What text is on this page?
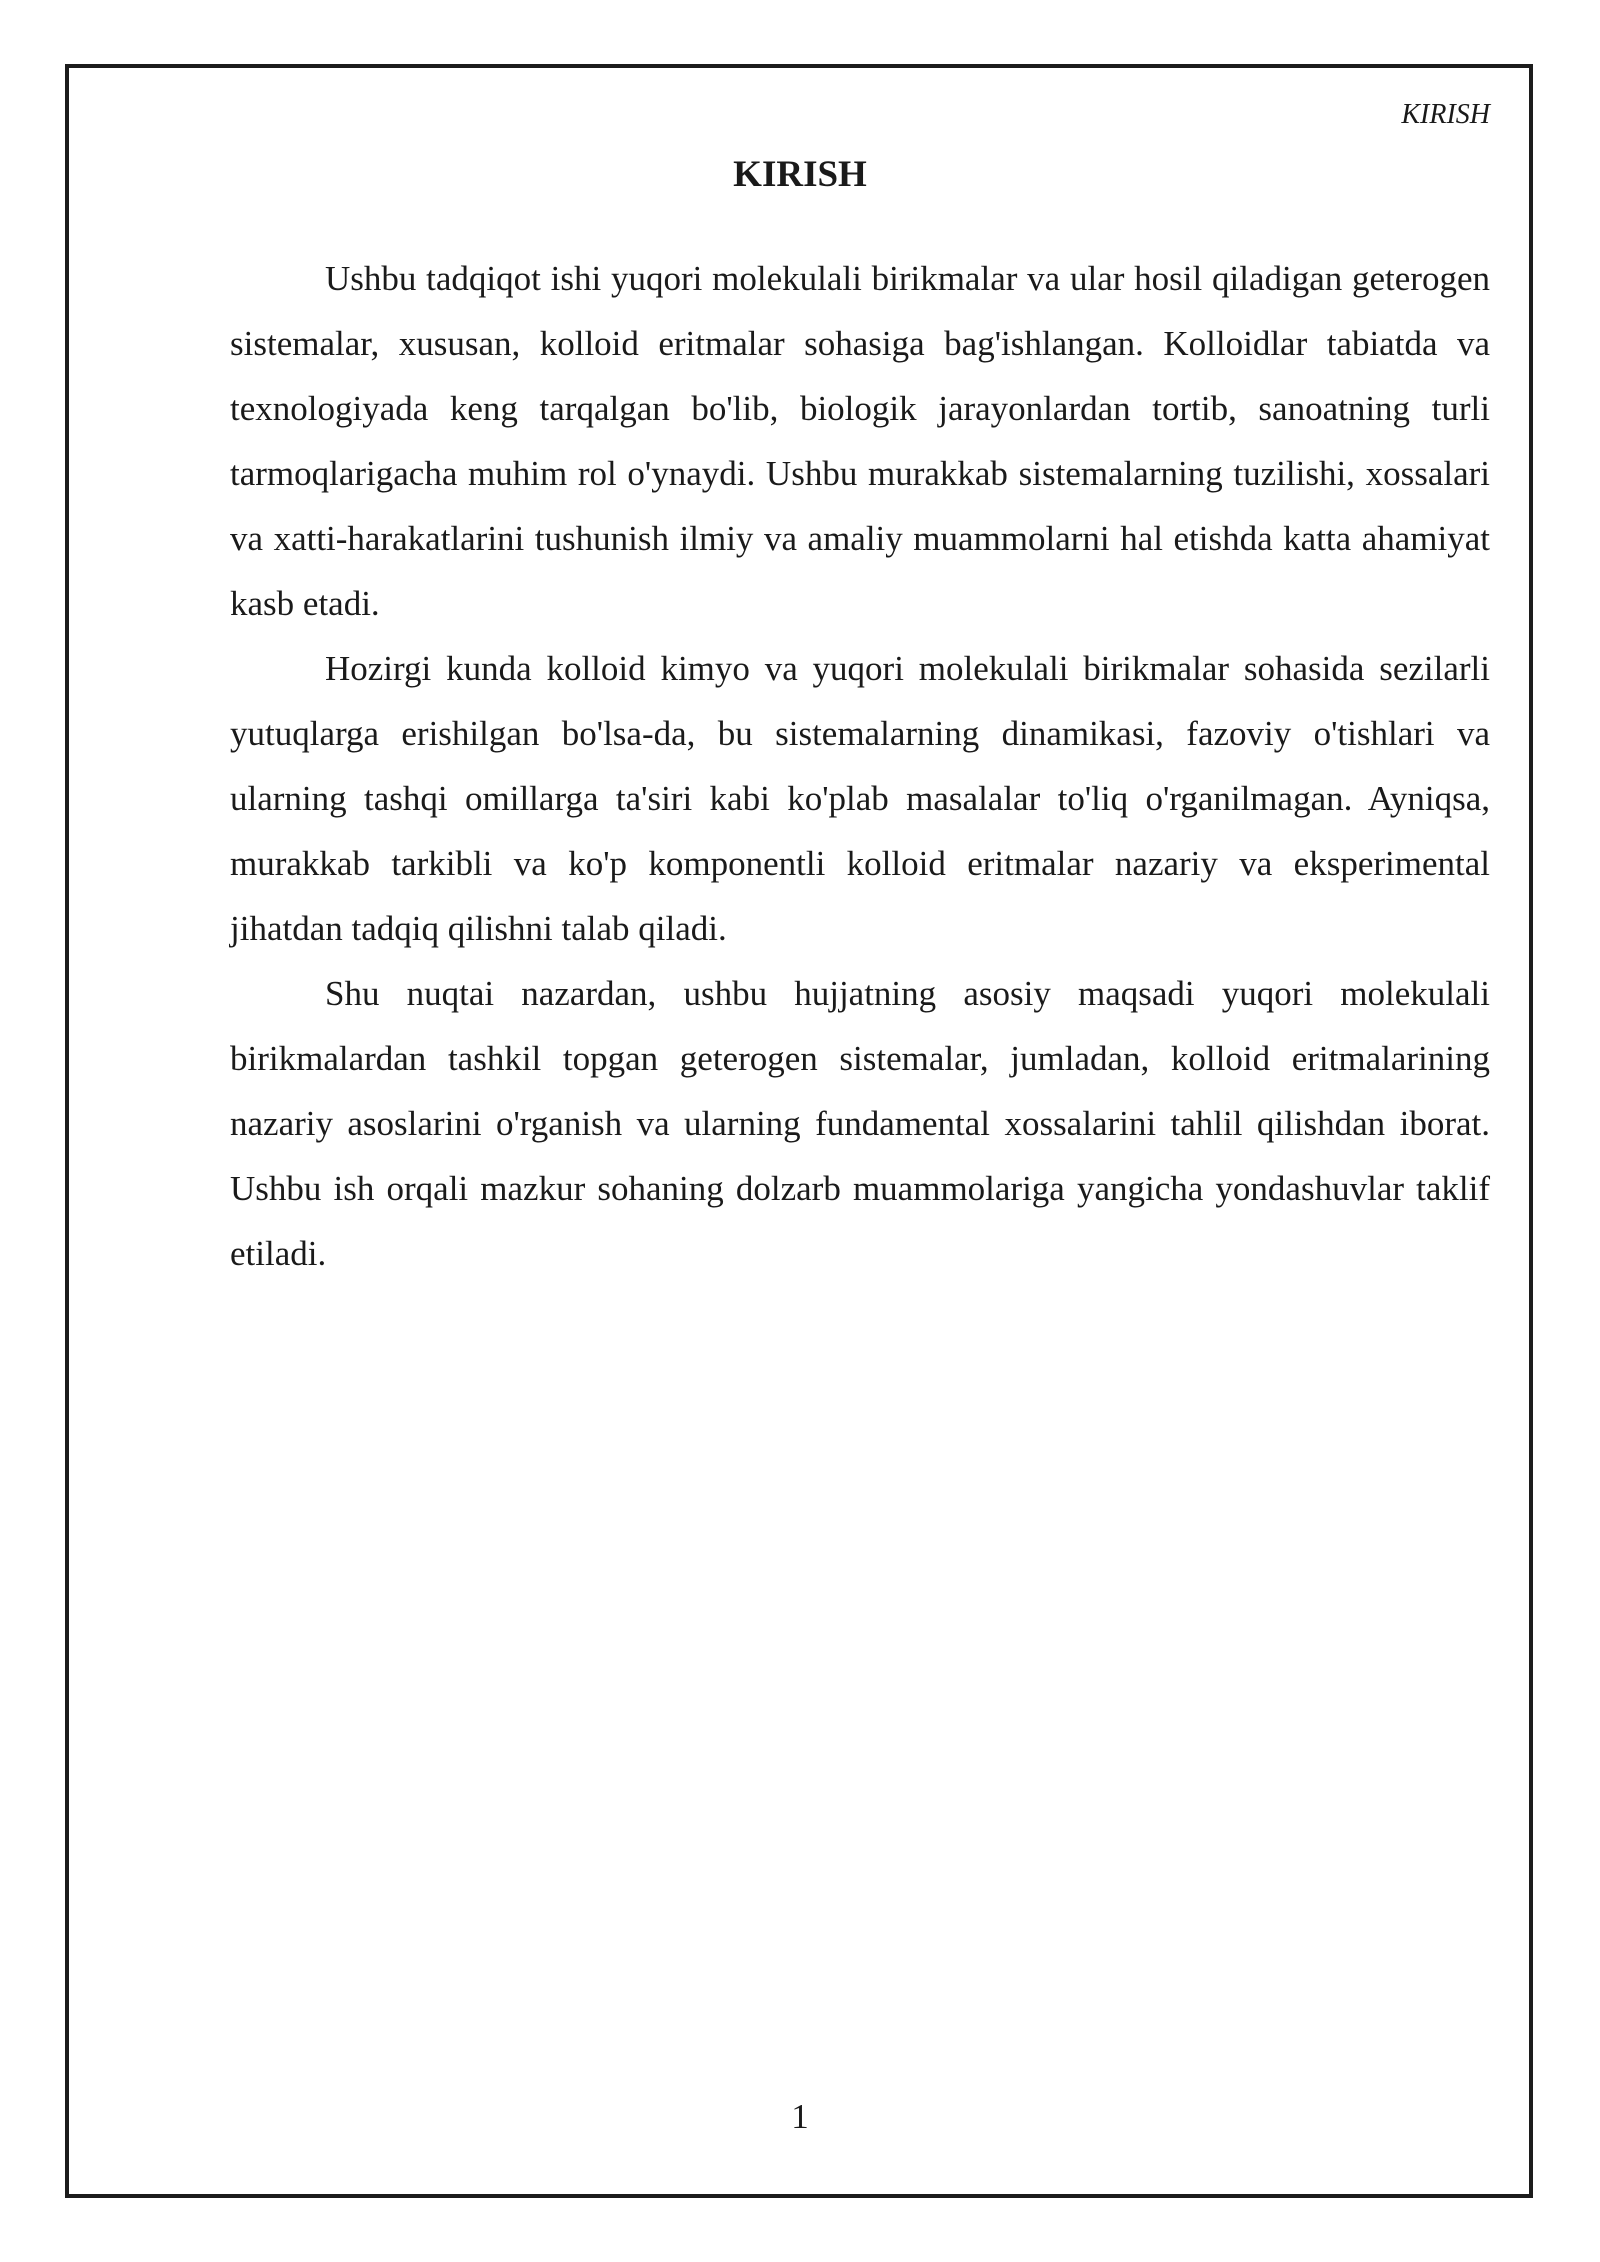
KIRISH
KIRISH

Ushbu tadqiqot ishi yuqori molekulali birikmalar va ular hosil qiladigan geterogen sistemalar, xususan, kolloid eritmalar sohasiga bag'ishlangan. Kolloidlar tabiatda va texnologiyada keng tarqalgan bo'lib, biologik jarayonlardan tortib, sanoatning turli tarmoqlarigacha muhim rol o'ynaydi. Ushbu murakkab sistemalarning tuzilishi, xossalari va xatti-harakatlarini tushunish ilmiy va amaliy muammolarni hal etishda katta ahamiyat kasb etadi.

Hozirgi kunda kolloid kimyo va yuqori molekulali birikmalar sohasida sezilarli yutuqlarga erishilgan bo'lsa-da, bu sistemalarning dinamikasi, fazoviy o'tishlari va ularning tashqi omillarga ta'siri kabi ko'plab masalalar to'liq o'rganilmagan. Ayniqsa, murakkab tarkibli va ko'p komponentli kolloid eritmalar nazariy va eksperimental jihatdan tadqiq qilishni talab qiladi.

Shu nuqtai nazardan, ushbu hujjatning asosiy maqsadi yuqori molekulali birikmalardan tashkil topgan geterogen sistemalar, jumladan, kolloid eritmalarining nazariy asoslarini o'rganish va ularning fundamental xossalarini tahlil qilishdan iborat. Ushbu ish orqali mazkur sohaning dolzarb muammolariga yangicha yondashuvlar taklif etiladi.

1
